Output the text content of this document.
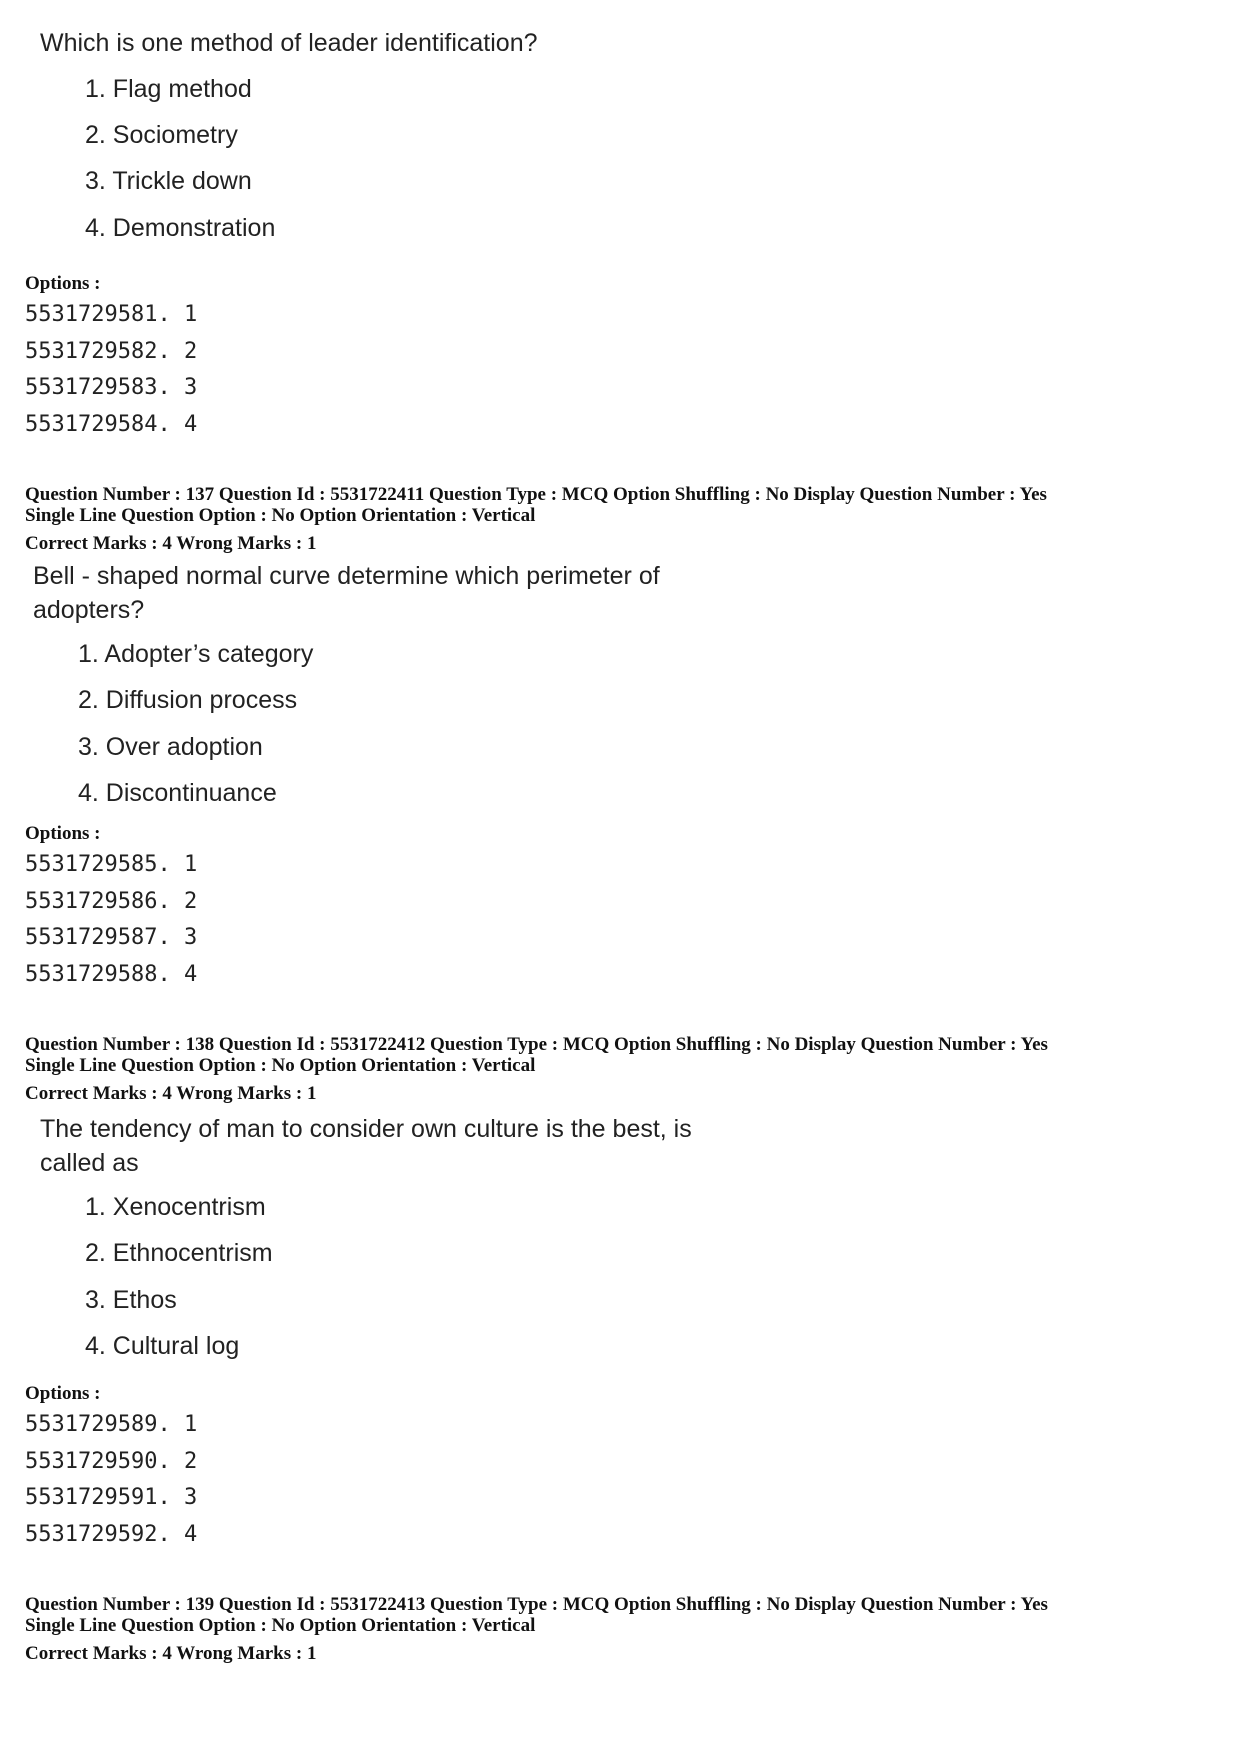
Which is one method of leader identification?
1. Flag method
2. Sociometry
3. Trickle down
4. Demonstration
Options :
5531729581. 1
5531729582. 2
5531729583. 3
5531729584. 4
Question Number : 137 Question Id : 5531722411 Question Type : MCQ Option Shuffling : No Display Question Number : Yes
Single Line Question Option : No Option Orientation : Vertical
Correct Marks : 4 Wrong Marks : 1
Bell - shaped normal curve determine which perimeter of
adopters?
1. Adopter’s category
2. Diffusion process
3. Over adoption
4. Discontinuance
Options :
5531729585. 1
5531729586. 2
5531729587. 3
5531729588. 4
Question Number : 138 Question Id : 5531722412 Question Type : MCQ Option Shuffling : No Display Question Number : Yes
Single Line Question Option : No Option Orientation : Vertical
Correct Marks : 4 Wrong Marks : 1
The tendency of man to consider own culture is the best, is
called as
1. Xenocentrism
2. Ethnocentrism
3. Ethos
4. Cultural log
Options :
5531729589. 1
5531729590. 2
5531729591. 3
5531729592. 4
Question Number : 139 Question Id : 5531722413 Question Type : MCQ Option Shuffling : No Display Question Number : Yes
Single Line Question Option : No Option Orientation : Vertical
Correct Marks : 4 Wrong Marks : 1
